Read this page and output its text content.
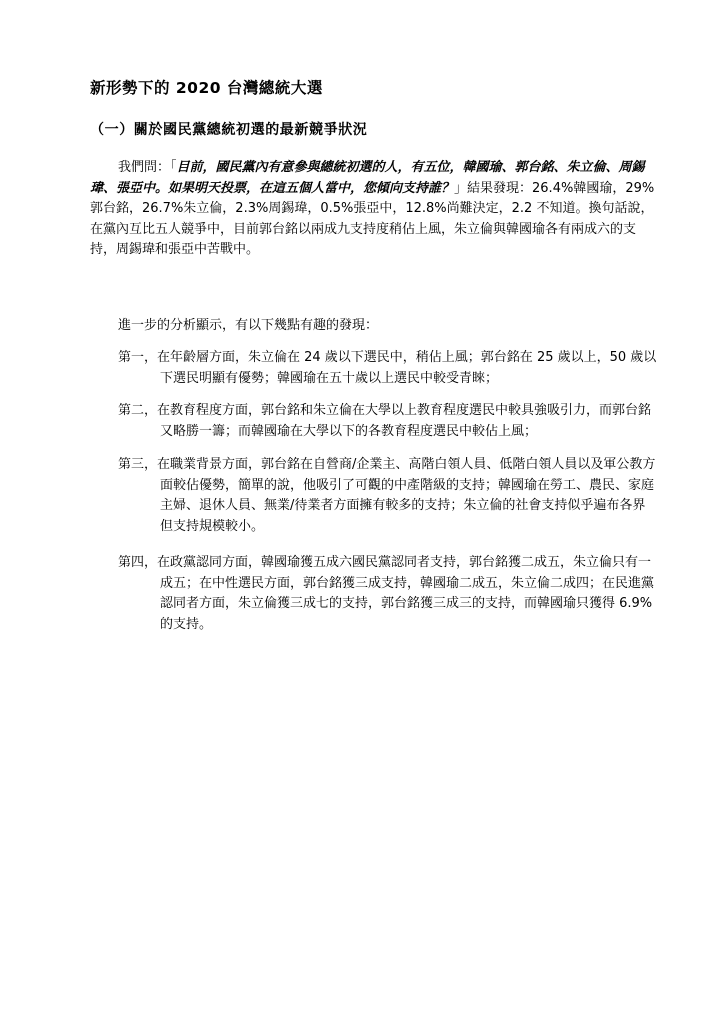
新形勢下的 2020 台灣總統大選
（一）關於國民黨總統初選的最新競爭狀況
我們問：「目前，國民黨內有意參與總統初選的人，有五位，韓國瑜、郭台銘、朱立倫、周錫瑋、張亞中。如果明天投票，在這五個人當中，您傾向支持誰？」結果發現：26.4%韓國瑜，29%郭台銘，26.7%朱立倫，2.3%周錫瑋，0.5%張亞中，12.8%尚難決定，2.2 不知道。換句話說，在黨內互比五人競爭中，目前郭台銘以兩成九支持度稍佔上風，朱立倫與韓國瑜各有兩成六的支持，周錫瑋和張亞中苦戰中。
進一步的分析顯示，有以下幾點有趣的發現：
第一，在年齡層方面，朱立倫在 24 歲以下選民中，稍佔上風；郭台銘在 25 歲以上，50 歲以下選民明顯有優勢；韓國瑜在五十歲以上選民中較受青睞；
第二，在教育程度方面，郭台銘和朱立倫在大學以上教育程度選民中較具強吸引力，而郭台銘又略勝一籌；而韓國瑜在大學以下的各教育程度選民中較佔上風；
第三，在職業背景方面，郭台銘在自營商/企業主、高階白領人員、低階白領人員以及軍公教方面較佔優勢，簡單的說，他吸引了可觀的中產階級的支持；韓國瑜在勞工、農民、家庭主婦、退休人員、無業/待業者方面擁有較多的支持；朱立倫的社會支持似乎遍布各界但支持規模較小。
第四，在政黨認同方面，韓國瑜獲五成六國民黨認同者支持，郭台銘獲二成五，朱立倫只有一成五；在中性選民方面，郭台銘獲三成支持，韓國瑜二成五，朱立倫二成四；在民進黨認同者方面，朱立倫獲三成七的支持，郭台銘獲三成三的支持，而韓國瑜只獲得 6.9%的支持。
